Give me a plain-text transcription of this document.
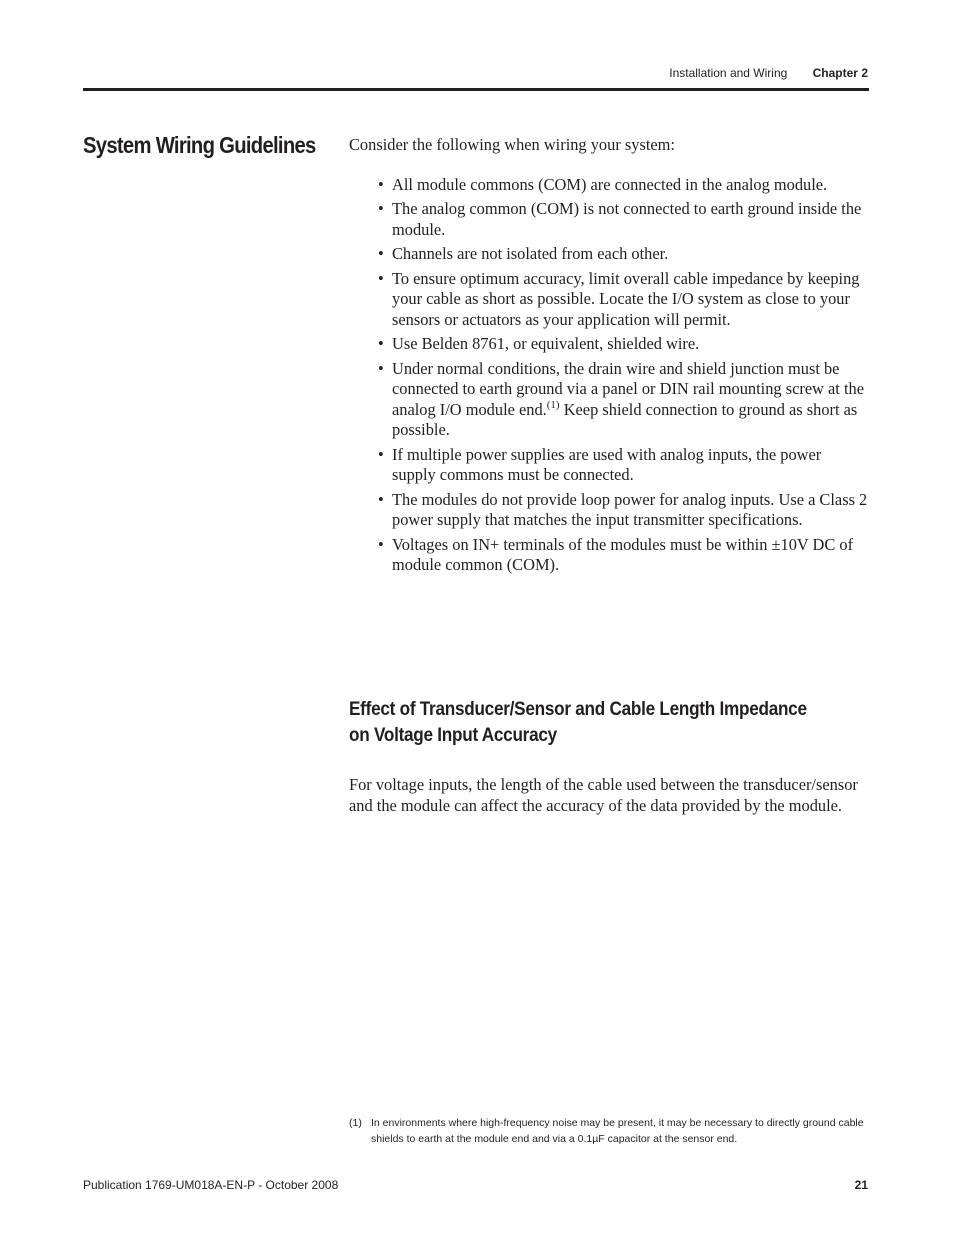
Installation and Wiring Chapter 2
System Wiring Guidelines Consider the following when wiring your system:

• All module commons (COM) are connected in the analog module.
• The analog common (COM) is not connected to earth ground inside the module.
• Channels are not isolated from each other.
• To ensure optimum accuracy, limit overall cable impedance by keeping your cable as short as possible. Locate the I/O system as close to your sensors or actuators as your application will permit.
• Use Belden 8761, or equivalent, shielded wire.
• Under normal conditions, the drain wire and shield junction must be connected to earth ground via a panel or DIN rail mounting screw at the analog I/O module end.$^{(1)}$ Keep shield connection to ground as short as possible.
• If multiple power supplies are used with analog inputs, the power supply commons must be connected.
• The modules do not provide loop power for analog inputs. Use a Class 2 power supply that matches the input transmitter specifications.
• Voltages on IN+ terminals of the modules must be within ±10V DC of module common (COM).
Effect of Transducer/Sensor and Cable Length Impedance on Voltage Input Accuracy

For voltage inputs, the length of the cable used between the transducer/sensor and the module can affect the accuracy of the data provided by the module.

(1) In environments where high-frequency noise may be present, it may be necessary to directly ground cable shields to earth at the module end and via a 0.1µF capacitor at the sensor end.
Publication 1769-UM018A-EN-P - October 2008	21
